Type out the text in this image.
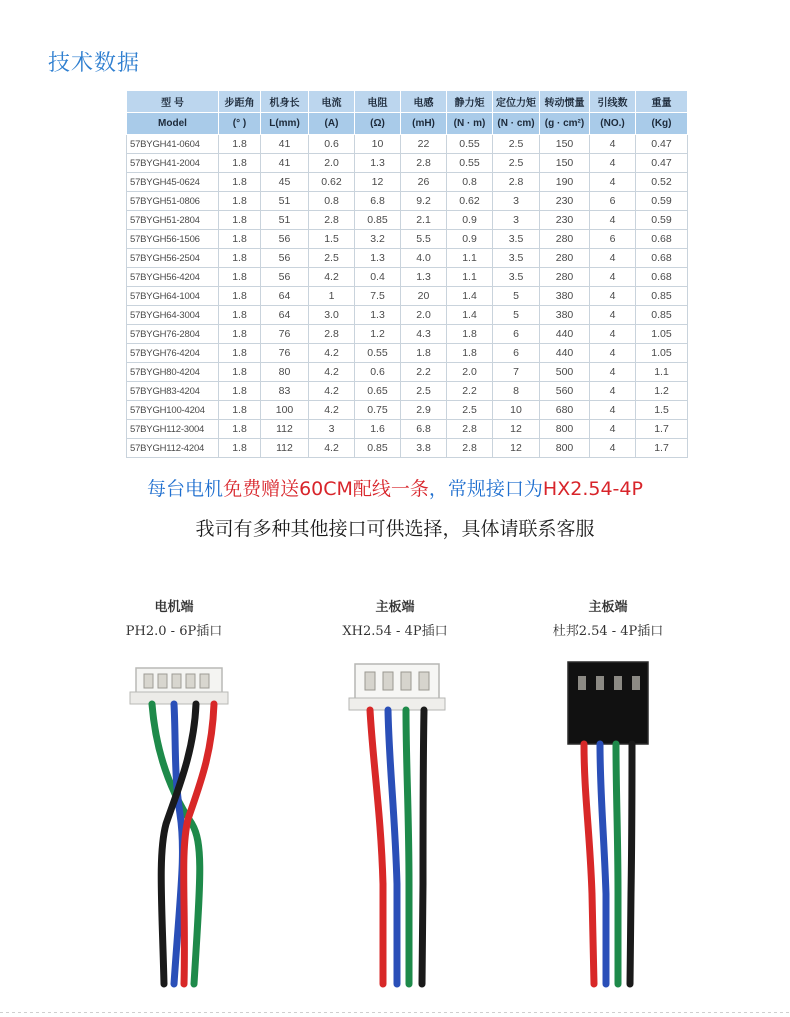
技术数据
型 号	步距角	机身长	电流	电阻	电感	静力矩	定位力矩	转动惯量	引线数	重量
Model	(° )	L(mm)	(A)	(Ω)	(mH)	(N · m)	(N · cm)	(g · cm²)	(NO.)	(Kg)
57BYGH41-0604	1.8	41	0.6	10	22	0.55	2.5	150	4	0.47
57BYGH41-2004	1.8	41	2.0	1.3	2.8	0.55	2.5	150	4	0.47
57BYGH45-0624	1.8	45	0.62	12	26	0.8	2.8	190	4	0.52
57BYGH51-0806	1.8	51	0.8	6.8	9.2	0.62	3	230	6	0.59
57BYGH51-2804	1.8	51	2.8	0.85	2.1	0.9	3	230	4	0.59
57BYGH56-1506	1.8	56	1.5	3.2	5.5	0.9	3.5	280	6	0.68
57BYGH56-2504	1.8	56	2.5	1.3	4.0	1.1	3.5	280	4	0.68
57BYGH56-4204	1.8	56	4.2	0.4	1.3	1.1	3.5	280	4	0.68
57BYGH64-1004	1.8	64	1	7.5	20	1.4	5	380	4	0.85
57BYGH64-3004	1.8	64	3.0	1.3	2.0	1.4	5	380	4	0.85
57BYGH76-2804	1.8	76	2.8	1.2	4.3	1.8	6	440	4	1.05
57BYGH76-4204	1.8	76	4.2	0.55	1.8	1.8	6	440	4	1.05
57BYGH80-4204	1.8	80	4.2	0.6	2.2	2.0	7	500	4	1.1
57BYGH83-4204	1.8	83	4.2	0.65	2.5	2.2	8	560	4	1.2
57BYGH100-4204	1.8	100	4.2	0.75	2.9	2.5	10	680	4	1.5
57BYGH112-3004	1.8	112	3	1.6	6.8	2.8	12	800	4	1.7
57BYGH112-4204	1.8	112	4.2	0.85	3.8	2.8	12	800	4	1.7
每台电机免费赠送60CM配线一条，常规接口为HX2.54-4P
我司有多种其他接口可供选择，具体请联系客服
电机端
PH2.0 - 6P插口
主板端
XH2.54 - 4P插口
主板端
杜邦2.54 - 4P插口
